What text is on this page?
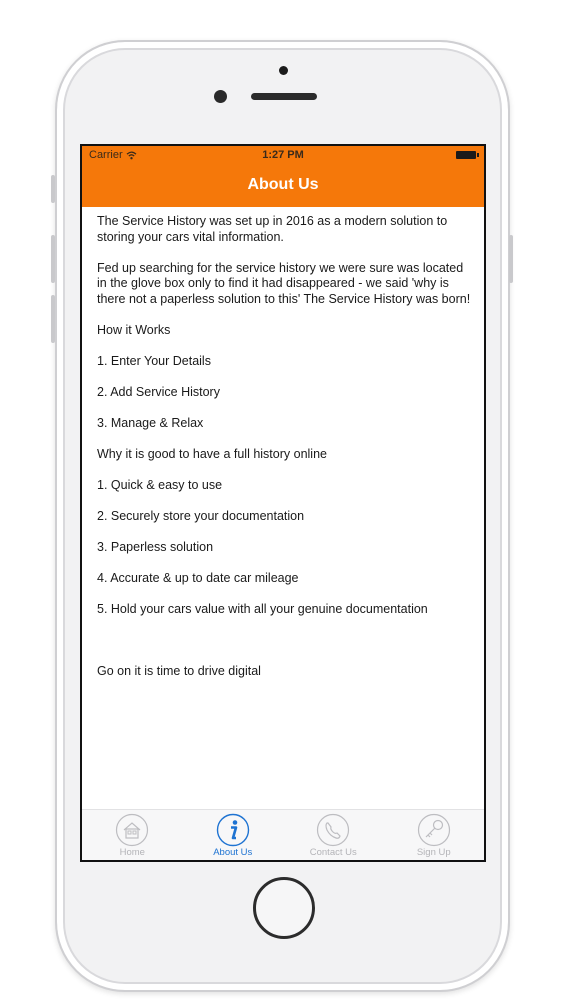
Carrier	1:27 PM
About Us

The Service History was set up in 2016 as a modern solution to storing your cars vital information.

Fed up searching for the service history we were sure was located in the glove box only to find it had disappeared - we said 'why is there not a paperless solution to this' The Service History was born!

How it Works

1. Enter Your Details

2. Add Service History

3. Manage & Relax

Why it is good to have a full history online

1. Quick & easy to use

2. Securely store your documentation

3. Paperless solution

4. Accurate & up to date car mileage

5. Hold your cars value with all your genuine documentation

Go on it is time to drive digital

Home	About Us	Contact Us	Sign Up
